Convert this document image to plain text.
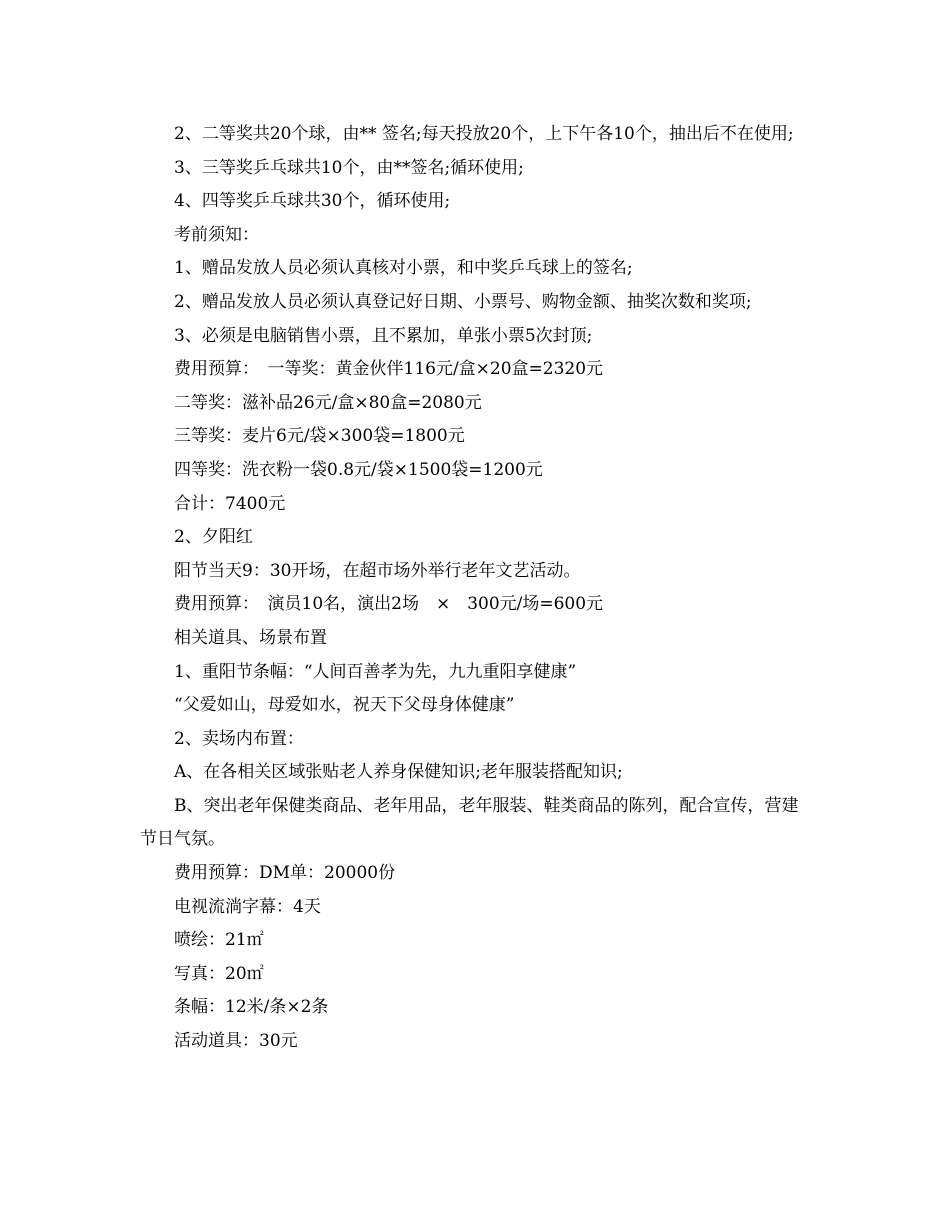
2、二等奖共20个球，由** 签名;每天投放20个，上下午各10个，抽出后不在使用;

3、三等奖乒乓球共10个，由**签名;循环使用;

4、四等奖乒乓球共30个，循环使用;

考前须知：

1、赠品发放人员必须认真核对小票，和中奖乒乓球上的签名;

2、赠品发放人员必须认真登记好日期、小票号、购物金额、抽奖次数和奖项;

3、必须是电脑销售小票，且不累加，单张小票5次封顶;

费用预算：　一等奖：黄金伙伴116元/盒×20盒=2320元

二等奖：滋补品26元/盒×80盒=2080元

三等奖：麦片6元/袋×300袋=1800元

四等奖：洗衣粉一袋0.8元/袋×1500袋=1200元

合计：7400元

2、夕阳红

阳节当天9：30开场，在超市场外举行老年文艺活动。

费用预算：　演员10名，演出2场　×　300元/场=600元

相关道具、场景布置

1、重阳节条幅：“人间百善孝为先，九九重阳享健康”

“父爱如山，母爱如水，祝天下父母身体健康”

2、卖场内布置：

A、在各相关区域张贴老人养身保健知识;老年服装搭配知识;

B、突出老年保健类商品、老年用品，老年服装、鞋类商品的陈列，配合宣传，营建节日气氛。

费用预算：DM单：20000份

电视流淌字幕：4天

喷绘：21㎡

写真：20㎡

条幅：12米/条×2条

活动道具：30元
